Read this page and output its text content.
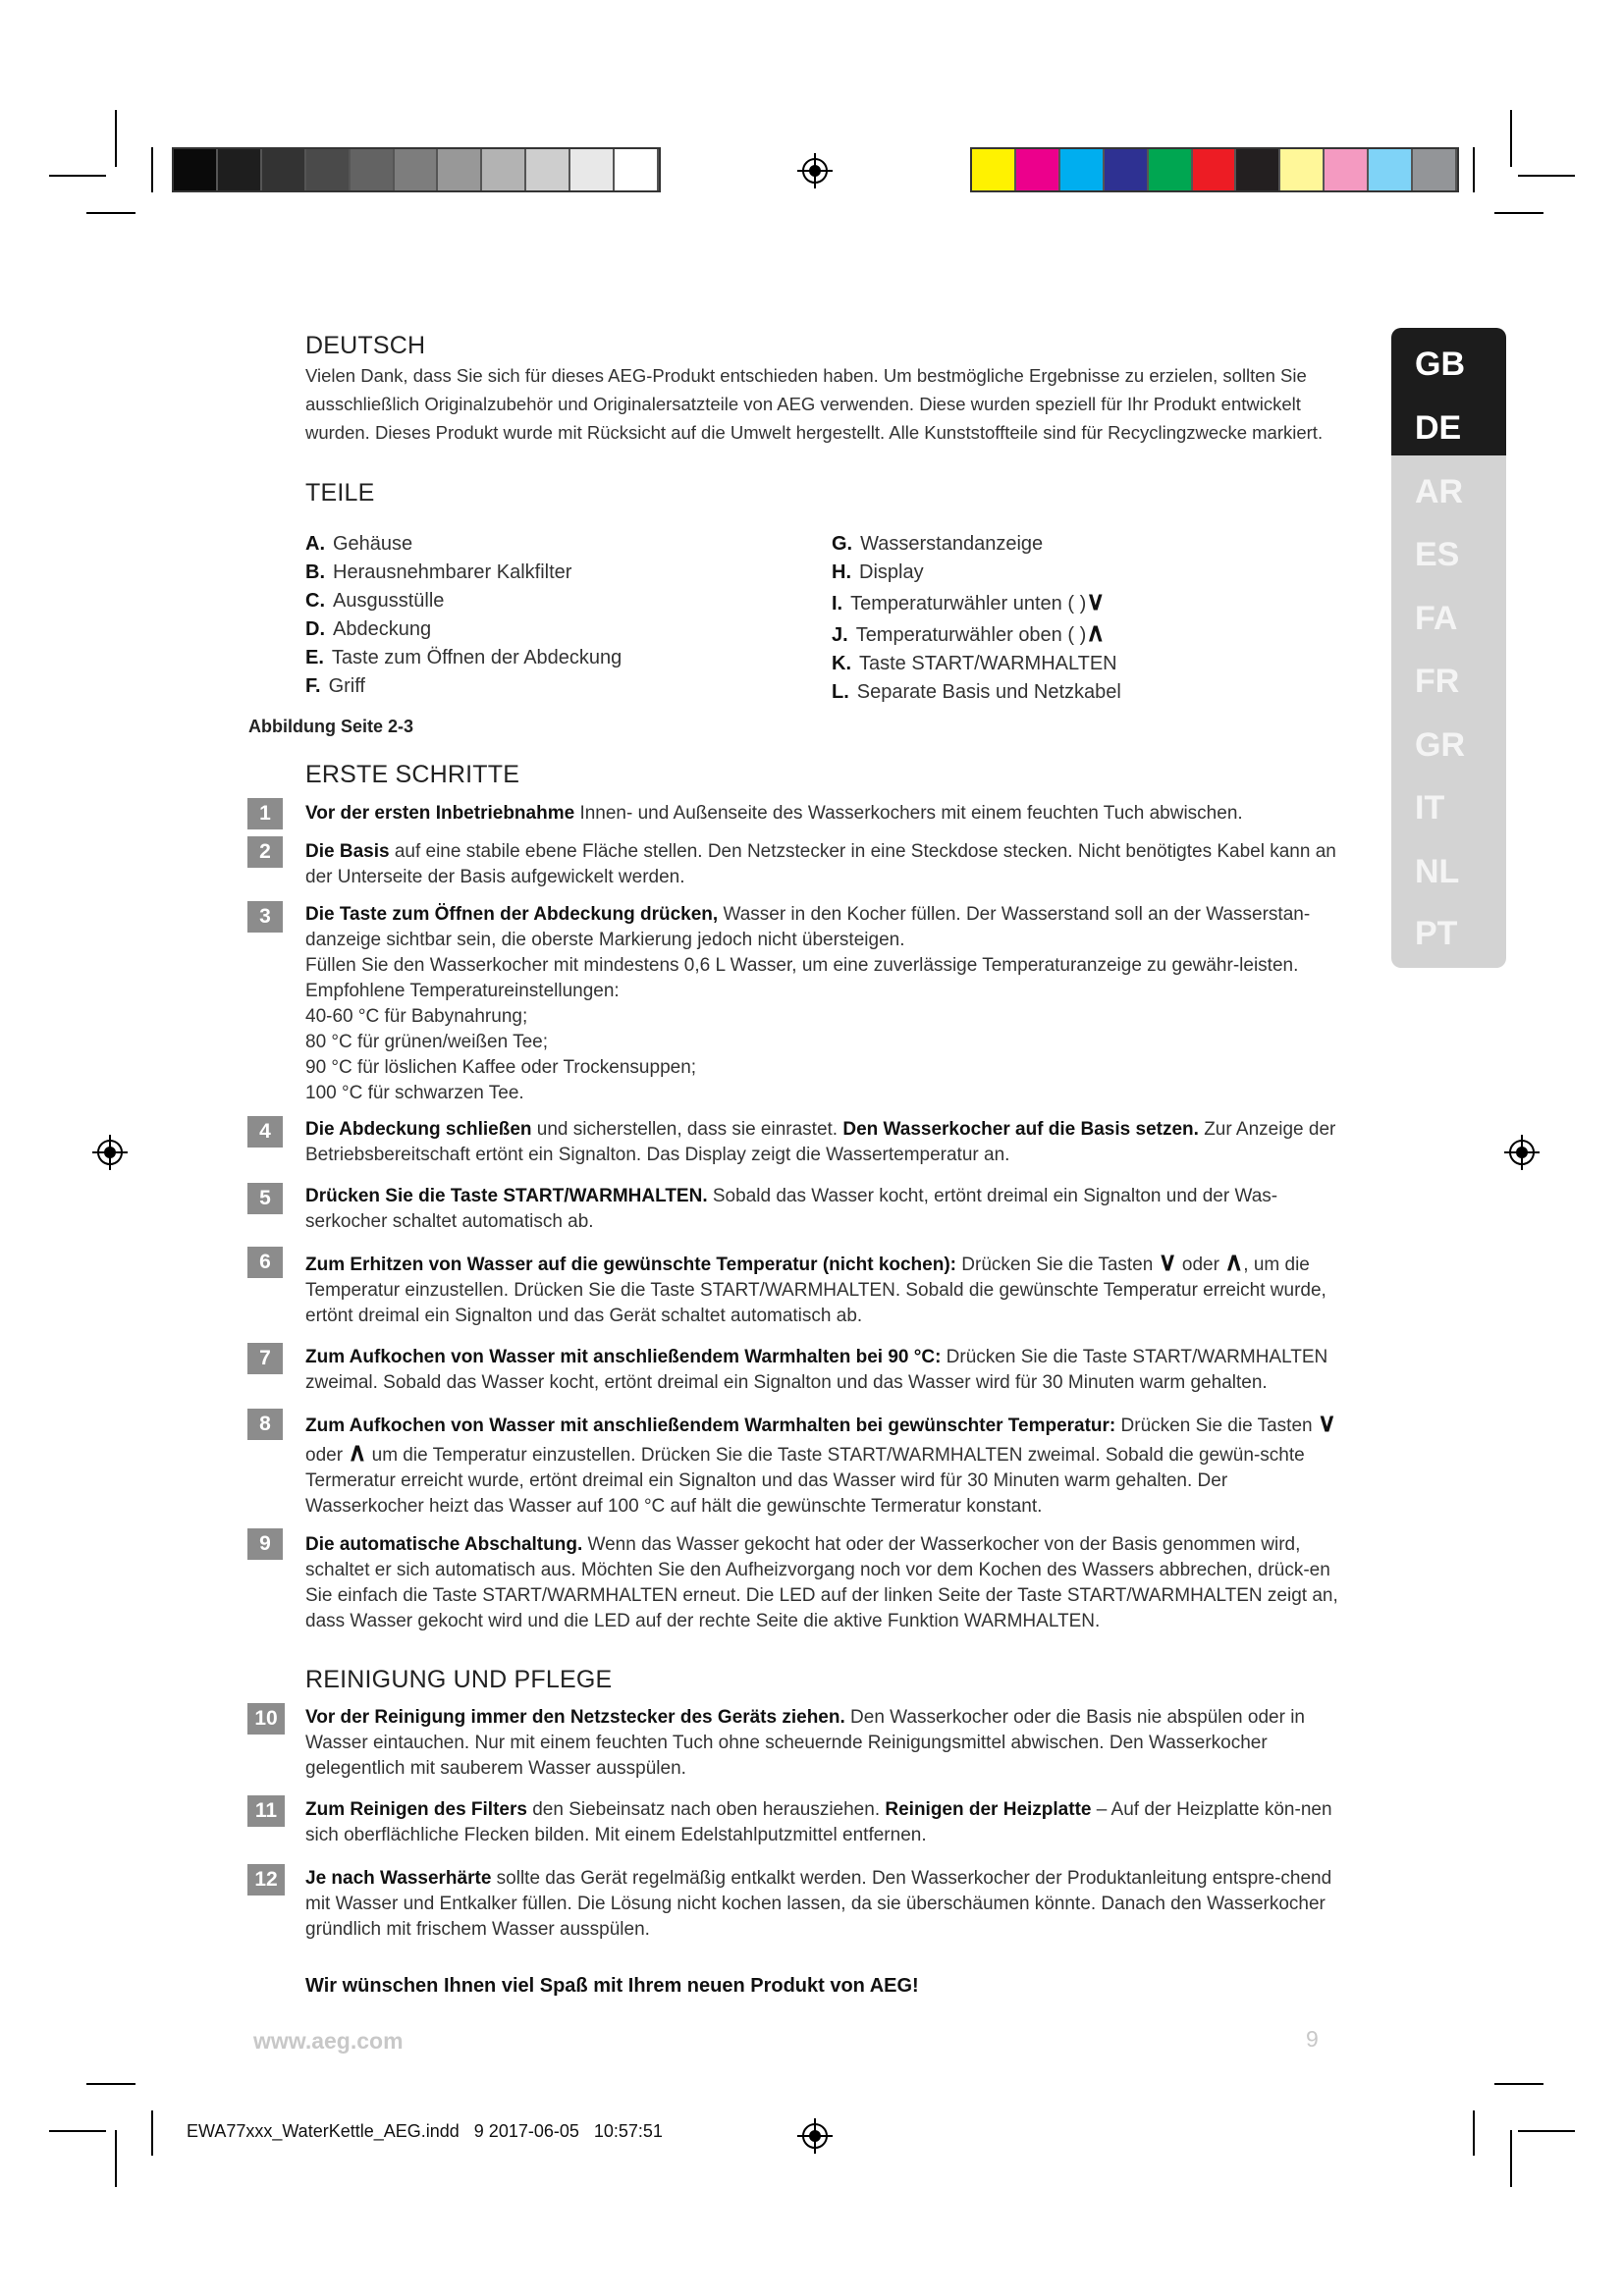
GB
DE
AR
ES
FA
FR
GR
IT
NL
PT
DEUTSCH
Vielen Dank, dass Sie sich für dieses AEG-Produkt entschieden haben. Um bestmögliche Ergebnisse zu erzielen, sollten Sie
ausschließlich Originalzubehör und Originalersatzteile von AEG verwenden. Diese wurden speziell für Ihr Produkt entwickelt
wurden. Dieses Produkt wurde mit Rücksicht auf die Umwelt hergestellt. Alle Kunststoffteile sind für Recyclingzwecke markiert.
TEILE
A. Gehäuse
B. Herausnehmbarer Kalkfilter
C. Ausgusstülle
D. Abdeckung
E. Taste zum Öffnen der Abdeckung
F. Griff
G. Wasserstandanzeige
H. Display
I. Temperaturwähler unten ( )∨
J. Temperaturwähler oben ( )∧
K. Taste START/WARMHALTEN
L. Separate Basis und Netzkabel
Abbildung Seite 2-3
ERSTE SCHRITTE
1	Vor der ersten Inbetriebnahme Innen- und Außenseite des Wasserkochers mit einem feuchten Tuch abwischen.
2	Die Basis auf eine stabile ebene Fläche stellen. Den Netzstecker in eine Steckdose stecken. Nicht benötigtes Kabel kann an der Unterseite der Basis aufgewickelt werden.
3	Die Taste zum Öffnen der Abdeckung drücken, Wasser in den Kocher füllen. Der Wasserstand soll an der Wasserstan-danzeige sichtbar sein, die oberste Markierung jedoch nicht übersteigen.
Füllen Sie den Wasserkocher mit mindestens 0,6 L Wasser, um eine zuverlässige Temperaturanzeige zu gewähr-leisten. Empfohlene Temperatureinstellungen:
40-60 °C für Babynahrung;
80 °C für grünen/weißen Tee;
90 °C für löslichen Kaffee oder Trockensuppen;
100 °C für schwarzen Tee.
4	Die Abdeckung schließen und sicherstellen, dass sie einrastet. Den Wasserkocher auf die Basis setzen. Zur Anzeige der Betriebsbereitschaft ertönt ein Signalton. Das Display zeigt die Wassertemperatur an.
5	Drücken Sie die Taste START/WARMHALTEN. Sobald das Wasser kocht, ertönt dreimal ein Signalton und der Was-serkocher schaltet automatisch ab.
6	Zum Erhitzen von Wasser auf die gewünschte Temperatur (nicht kochen): Drücken Sie die Tasten ∨ oder ∧, um die Temperatur einzustellen. Drücken Sie die Taste START/WARMHALTEN. Sobald die gewünschte Temperatur erreicht wurde, ertönt dreimal ein Signalton und das Gerät schaltet automatisch ab.
7	Zum Aufkochen von Wasser mit anschließendem Warmhalten bei 90 °C: Drücken Sie die Taste START/WARMHALTEN zweimal. Sobald das Wasser kocht, ertönt dreimal ein Signalton und das Wasser wird für 30 Minuten warm gehalten.
8	Zum Aufkochen von Wasser mit anschließendem Warmhalten bei gewünschter Temperatur: Drücken Sie die Tasten ∨ oder ∧ um die Temperatur einzustellen. Drücken Sie die Taste START/WARMHALTEN zweimal. Sobald die gewün-schte Termeratur erreicht wurde, ertönt dreimal ein Signalton und das Wasser wird für 30 Minuten warm gehalten. Der Wasserkocher heizt das Wasser auf 100 °C auf hält die gewünschte Termeratur konstant.
9	Die automatische Abschaltung. Wenn das Wasser gekocht hat oder der Wasserkocher von der Basis genommen wird, schaltet er sich automatisch aus. Möchten Sie den Aufheizvorgang noch vor dem Kochen des Wassers abbrechen, drück-en Sie einfach die Taste START/WARMHALTEN erneut. Die LED auf der linken Seite der Taste START/WARMHALTEN zeigt an, dass Wasser gekocht wird und die LED auf der rechte Seite die aktive Funktion WARMHALTEN.
REINIGUNG UND PFLEGE
10	Vor der Reinigung immer den Netzstecker des Geräts ziehen. Den Wasserkocher oder die Basis nie abspülen oder in Wasser eintauchen. Nur mit einem feuchten Tuch ohne scheuernde Reinigungsmittel abwischen. Den Wasserkocher gelegentlich mit sauberem Wasser ausspülen.
11	Zum Reinigen des Filters den Siebeinsatz nach oben herausziehen. Reinigen der Heizplatte – Auf der Heizplatte kön-nen sich oberflächliche Flecken bilden. Mit einem Edelstahlputzmittel entfernen.
12	Je nach Wasserhärte sollte das Gerät regelmäßig entkalkt werden. Den Wasserkocher der Produktanleitung entspre-chend mit Wasser und Entkalker füllen. Die Lösung nicht kochen lassen, da sie überschäumen könnte. Danach den Wasserkocher gründlich mit frischem Wasser ausspülen.
Wir wünschen Ihnen viel Spaß mit Ihrem neuen Produkt von AEG!
www.aeg.com	9
EWA77xxx_WaterKettle_AEG.indd   9 2017-06-05   10:57:51
